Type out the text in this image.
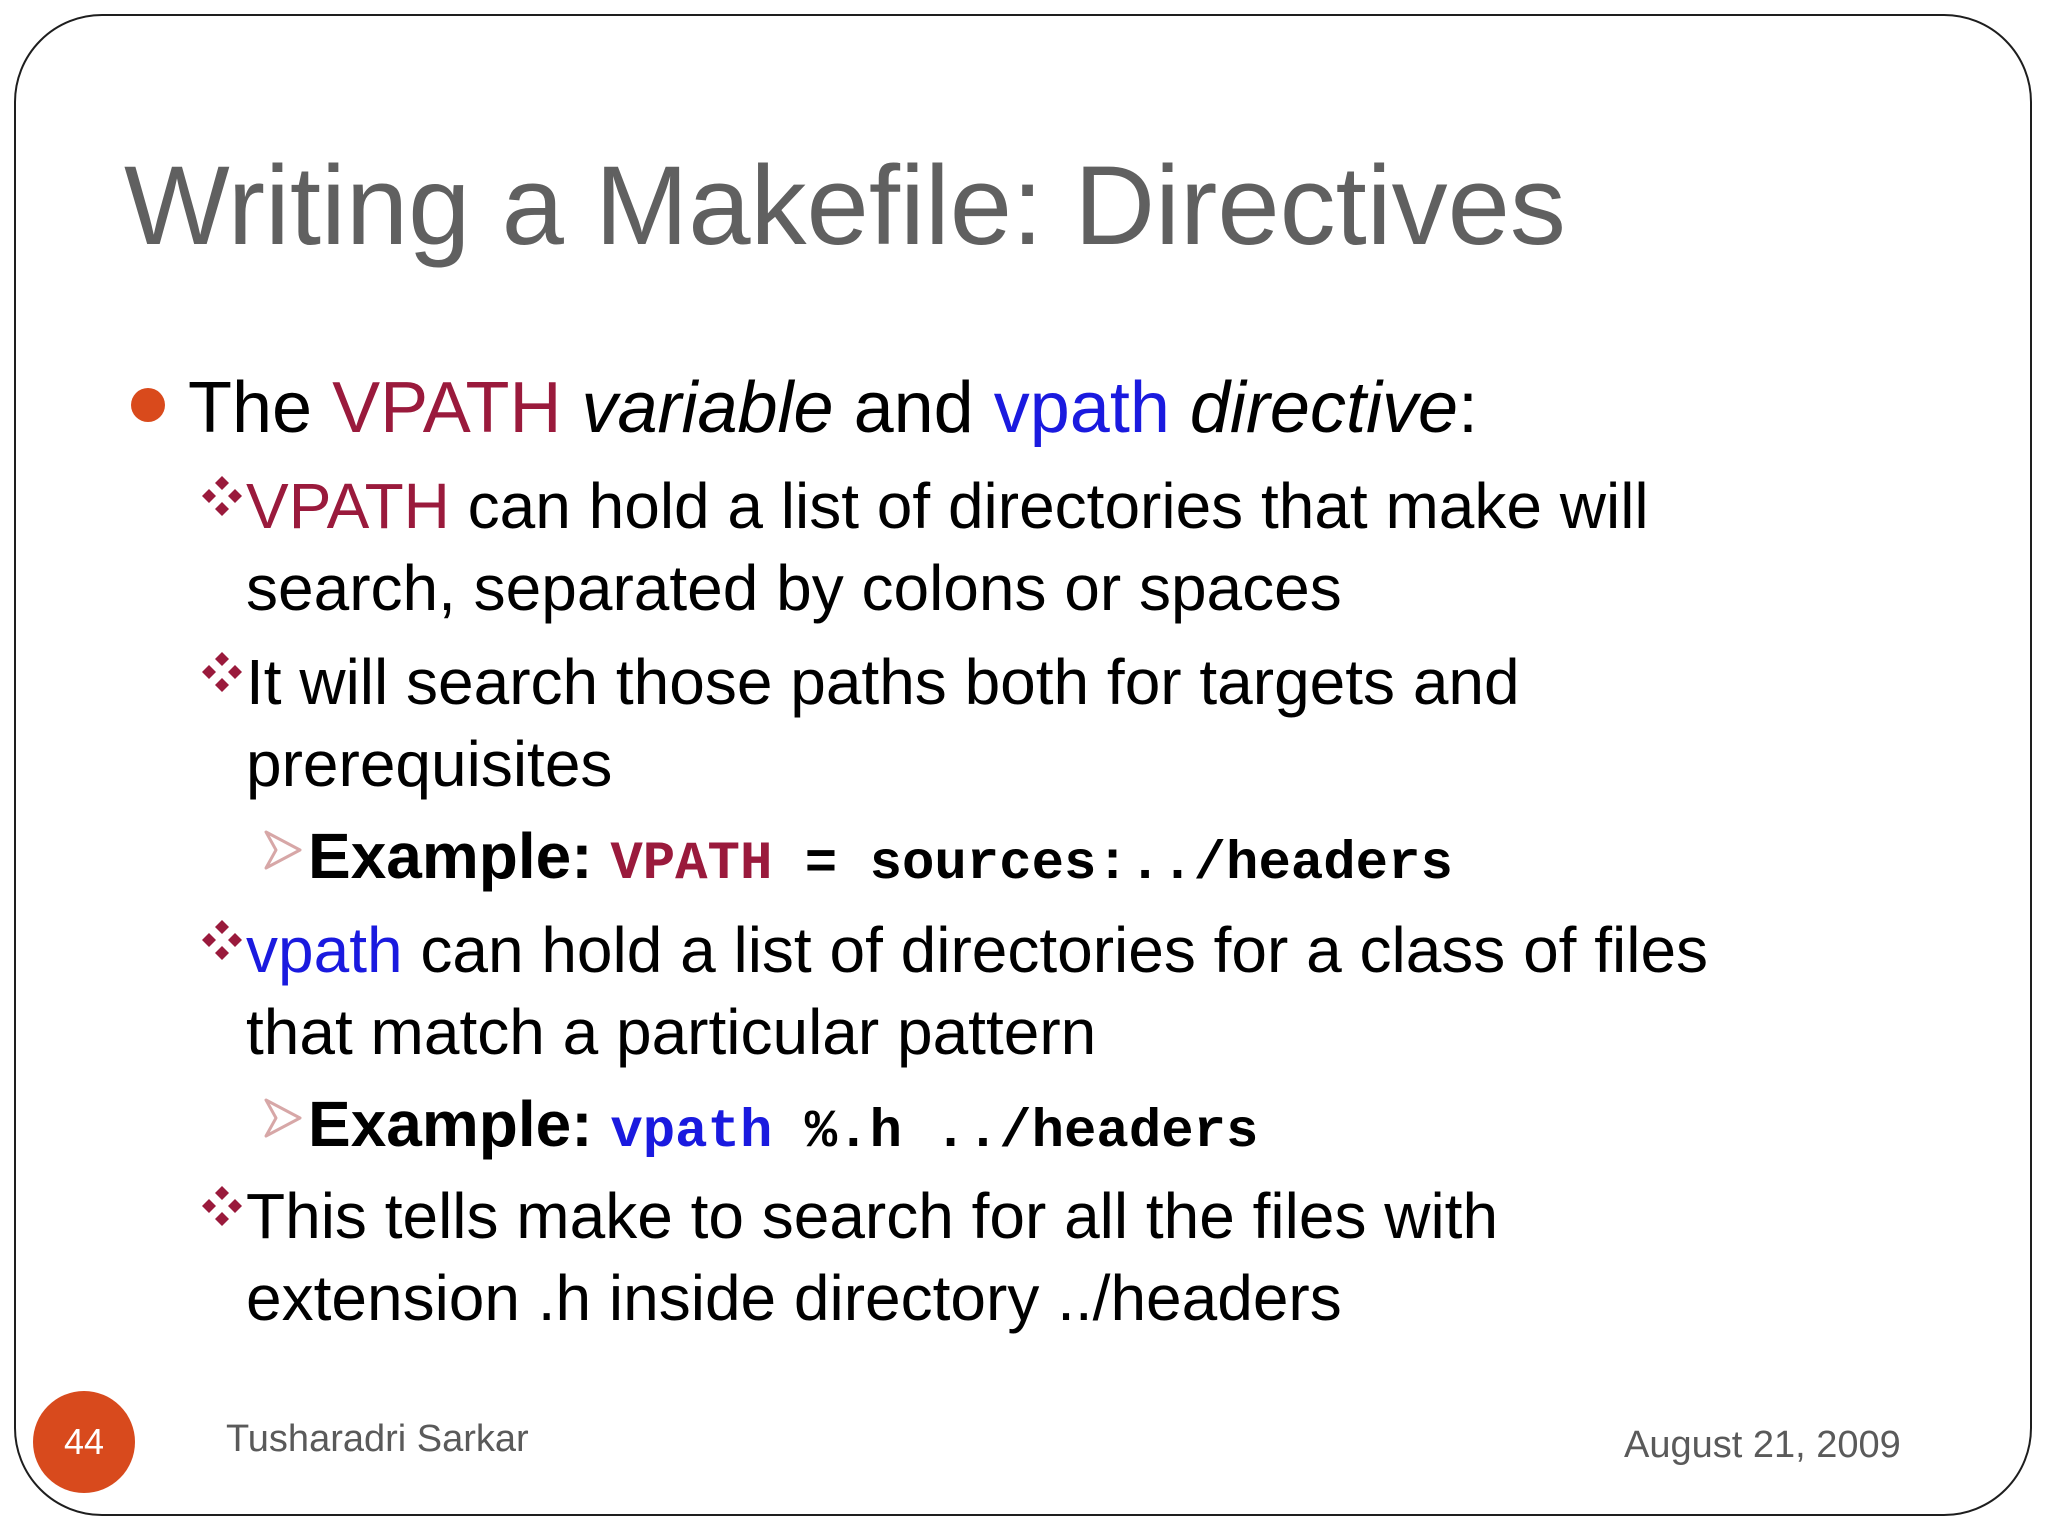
Writing a Makefile: Directives
The VPATH variable and vpath directive:
VPATH can hold a list of directories that make will
search, separated by colons or spaces
It will search those paths both for targets and
prerequisites
Example: VPATH = sources:../headers
vpath can hold a list of directories for a class of files
that match a particular pattern
Example: vpath %.h ../headers
This tells make to search for all the files with
extension .h inside directory ../headers
44	Tusharadri Sarkar	August 21, 2009
